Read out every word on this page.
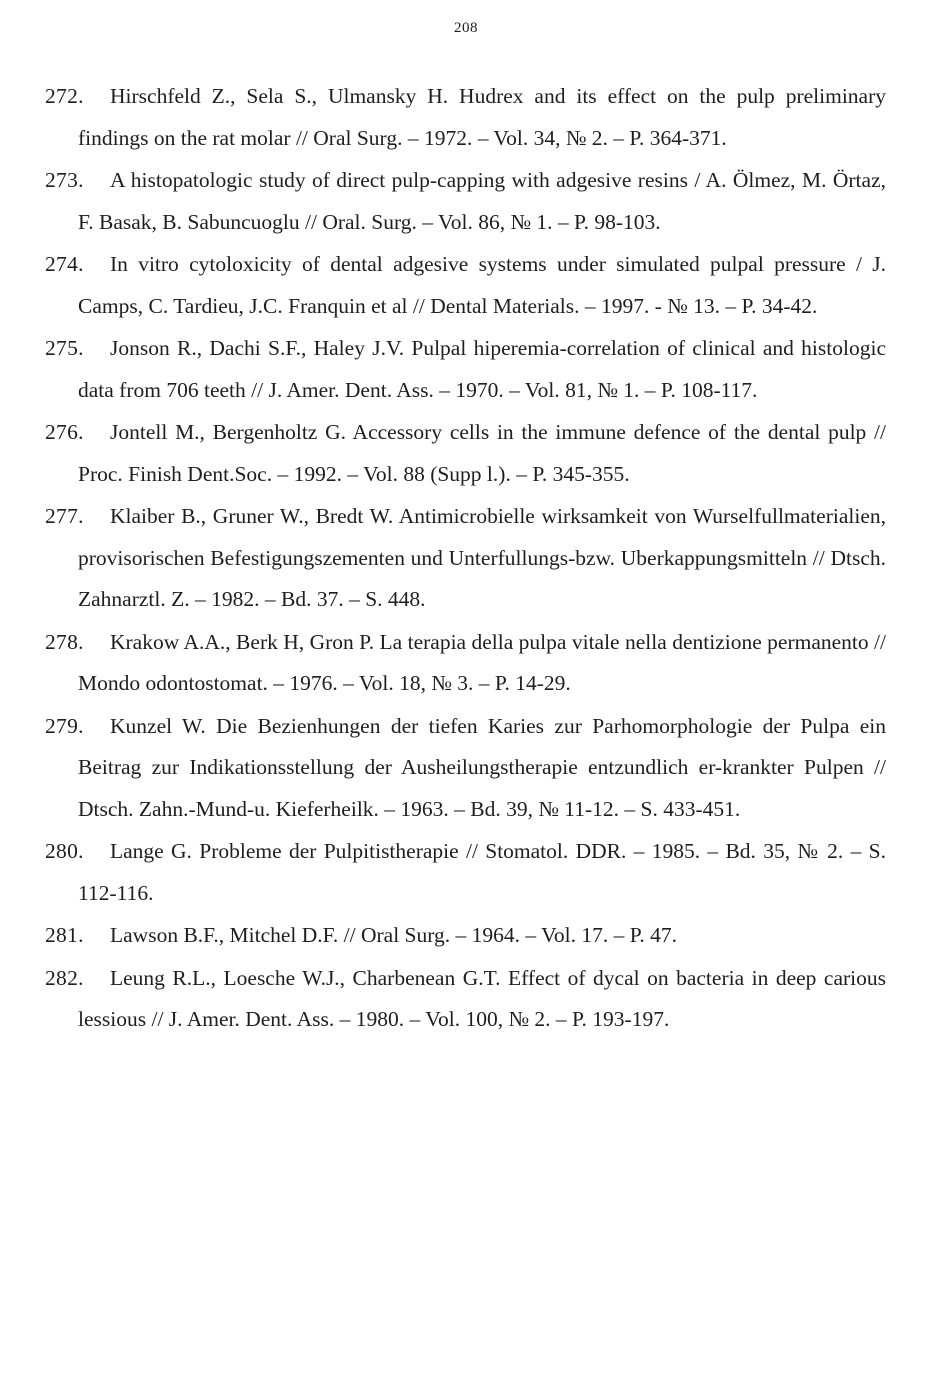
208
272.	Hirschfeld Z., Sela S., Ulmansky H. Hudrex and its effect on the pulp preliminary findings on the rat molar // Oral Surg. – 1972. – Vol. 34, № 2. – P. 364-371.
273.	A histopatologic study of direct pulp-capping with adgesive resins / A. Ölmez, M. Örtaz, F. Basak, B. Sabuncuoglu // Oral. Surg. – Vol. 86, № 1. – P. 98-103.
274.	In vitro cytoloxicity of dental adgesive systems under simulated pulpal pressure / J. Camps, C. Tardieu, J.C. Franquin et al // Dental Materials. – 1997. - № 13. – P. 34-42.
275.	Jonson R., Dachi S.F., Haley J.V. Pulpal hiperemia-correlation of clinical and histologic data from 706 teeth // J. Amer. Dent. Ass. – 1970. – Vol. 81, № 1. – P. 108-117.
276.	Jontell M., Bergenholtz G. Accessory cells in the immune defence of the dental pulp // Proc. Finish Dent.Soc. – 1992. – Vol. 88 (Supp l.). – P. 345-355.
277.	Klaiber B., Gruner W., Bredt W. Antimicrobielle wirksamkeit von Wurselfullmaterialien, provisorischen Befestigungszementen und Unterfullungs-bzw. Uberkappungsmitteln // Dtsch. Zahnarztl. Z. – 1982. – Bd. 37. – S. 448.
278.	Krakow A.A., Berk H, Gron P. La terapia della pulpa vitale nella dentizione permanento // Mondo odontostomat. – 1976. – Vol. 18, № 3. – P. 14-29.
279.	Kunzel W. Die Bezienhungen der tiefen Karies zur Parhomorphologie der Pulpa ein Beitrag zur Indikationsstellung der Ausheilungstherapie entzundlich er-krankter Pulpen // Dtsch. Zahn.-Mund-u. Kieferheilk. – 1963. – Bd. 39, № 11-12. – S. 433-451.
280.	Lange G. Probleme der Pulpitistherapie // Stomatol. DDR. – 1985. – Bd. 35, № 2. – S. 112-116.
281.	Lawson B.F., Mitchel D.F. // Oral Surg. – 1964. – Vol. 17. – P. 47.
282.	Leung R.L., Loesche W.J., Charbenean G.T. Effect of dycal on bacteria in deep carious lessious // J. Amer. Dent. Ass. – 1980. – Vol. 100, № 2. – P. 193-197.
